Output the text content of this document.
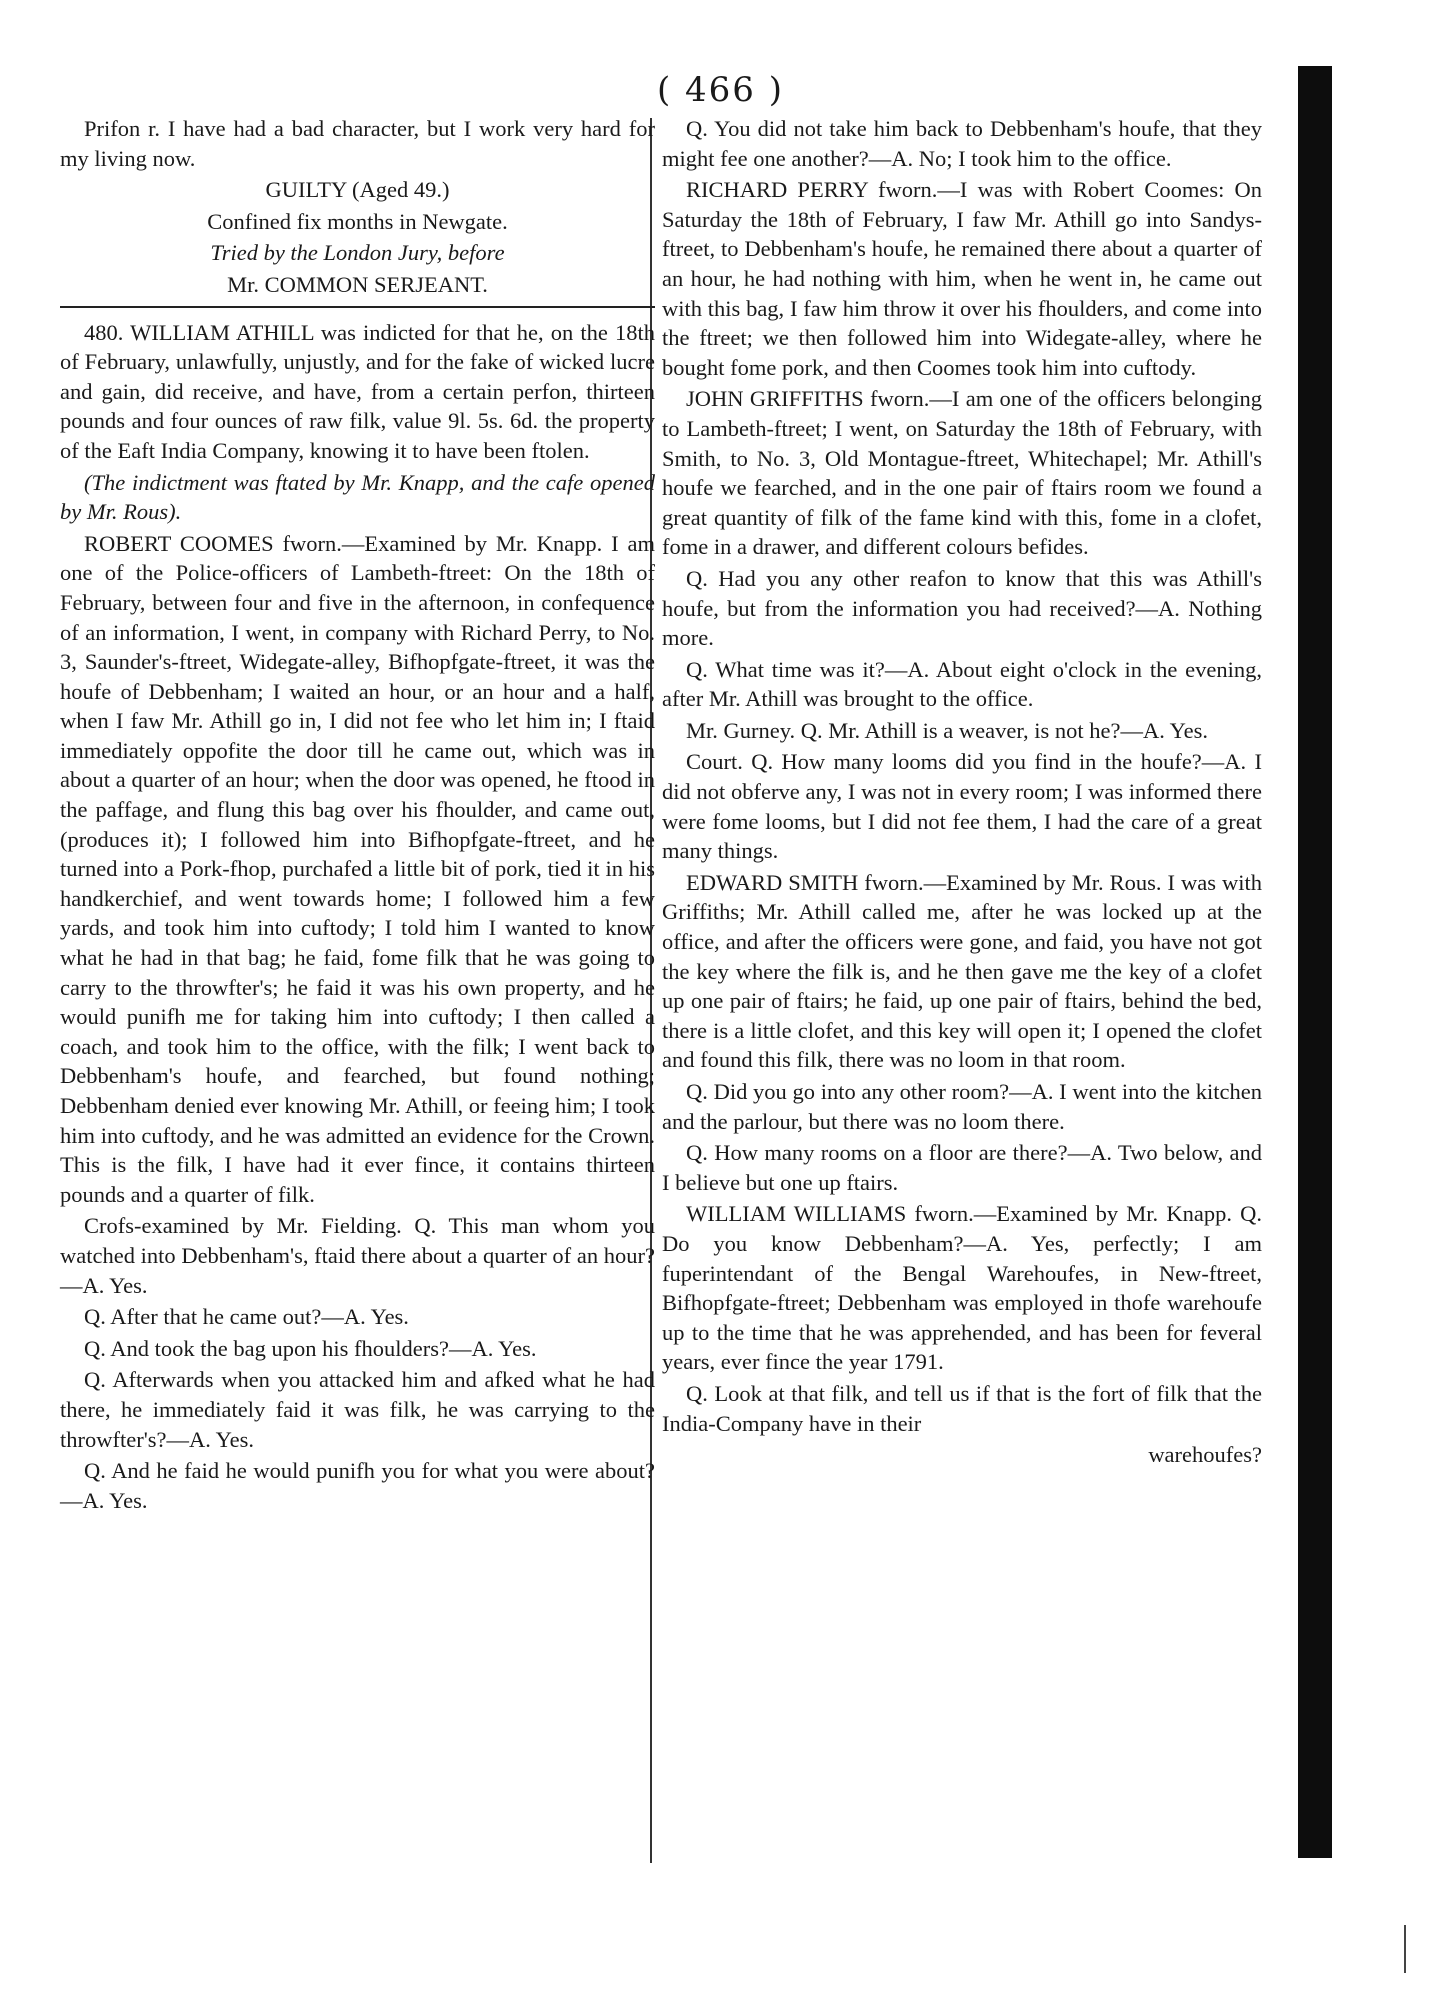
( 466 )

Prifon r. I have had a bad character, but I work very hard for my living now.

GUILTY (Aged 49.)

Confined fix months in Newgate.

Tried by the London Jury, before

Mr. COMMON SERJEANT.

480. WILLIAM ATHILL was indicted for that he, on the 18th of February, unlawfully, unjustly, and for the fake of wicked lucre and gain, did receive, and have, from a certain perfon, thirteen pounds and four ounces of raw filk, value 9l. 5s. 6d. the property of the Eaft India Company, knowing it to have been ftolen.

(The indictment was ftated by Mr. Knapp, and the cafe opened by Mr. Rous).

ROBERT COOMES fworn.—Examined by Mr. Knapp. I am one of the Police-officers of Lambeth-ftreet: On the 18th of February, between four and five in the afternoon, in confequence of an information, I went, in company with Richard Perry, to No. 3, Saunder's-ftreet, Widegate-alley, Bifhopfgate-ftreet, it was the houfe of Debbenham; I waited an hour, or an hour and a half, when I faw Mr. Athill go in, I did not fee who let him in; I ftaid immediately oppofite the door till he came out, which was in about a quarter of an hour; when the door was opened, he ftood in the paffage, and flung this bag over his fhoulder, and came out, (produces it); I followed him into Bifhopfgate-ftreet, and he turned into a Pork-fhop, purchafed a little bit of pork, tied it in his handkerchief, and went towards home; I followed him a few yards, and took him into cuftody; I told him I wanted to know what he had in that bag; he faid, fome filk that he was going to carry to the throwfter's; he faid it was his own property, and he would punifh me for taking him into cuftody; I then called a coach, and took him to the office, with the filk; I went back to Debbenham's houfe, and fearched, but found nothing; Debbenham denied ever knowing Mr. Athill, or feeing him; I took him into cuftody, and he was admitted an evidence for the Crown. This is the filk, I have had it ever fince, it contains thirteen pounds and a quarter of filk.

Crofs-examined by Mr. Fielding. Q. This man whom you watched into Debbenham's, ftaid there about a quarter of an hour?—A. Yes.

Q. After that he came out?—A. Yes.

Q. And took the bag upon his fhoulders?—A. Yes.

Q. Afterwards when you attacked him and afked what he had there, he immediately faid it was filk, he was carrying to the throwfter's?—A. Yes.

Q. And he faid he would punifh you for what you were about?—A. Yes.

Q. You did not take him back to Debbenham's houfe, that they might fee one another?—A. No; I took him to the office.

RICHARD PERRY fworn.—I was with Robert Coomes: On Saturday the 18th of February, I faw Mr. Athill go into Sandys-ftreet, to Debbenham's houfe, he remained there about a quarter of an hour, he had nothing with him, when he went in, he came out with this bag, I faw him throw it over his fhoulders, and come into the ftreet; we then followed him into Widegate-alley, where he bought fome pork, and then Coomes took him into cuftody.

JOHN GRIFFITHS fworn.—I am one of the officers belonging to Lambeth-ftreet; I went, on Saturday the 18th of February, with Smith, to No. 3, Old Montague-ftreet, Whitechapel; Mr. Athill's houfe we fearched, and in the one pair of ftairs room we found a great quantity of filk of the fame kind with this, fome in a clofet, fome in a drawer, and different colours befides.

Q. Had you any other reafon to know that this was Athill's houfe, but from the information you had received?—A. Nothing more.

Q. What time was it?—A. About eight o'clock in the evening, after Mr. Athill was brought to the office.

Mr. Gurney. Q. Mr. Athill is a weaver, is not he?—A. Yes.

Court. Q. How many looms did you find in the houfe?—A. I did not obferve any, I was not in every room; I was informed there were fome looms, but I did not fee them, I had the care of a great many things.

EDWARD SMITH fworn.—Examined by Mr. Rous. I was with Griffiths; Mr. Athill called me, after he was locked up at the office, and after the officers were gone, and faid, you have not got the key where the filk is, and he then gave me the key of a clofet up one pair of ftairs; he faid, up one pair of ftairs, behind the bed, there is a little clofet, and this key will open it; I opened the clofet and found this filk, there was no loom in that room.

Q. Did you go into any other room?—A. I went into the kitchen and the parlour, but there was no loom there.

Q. How many rooms on a floor are there?—A. Two below, and I believe but one up ftairs.

WILLIAM WILLIAMS fworn.—Examined by Mr. Knapp. Q. Do you know Debbenham?—A. Yes, perfectly; I am fuperintendant of the Bengal Warehoufes, in New-ftreet, Bifhopfgate-ftreet; Debbenham was employed in thofe warehoufe up to the time that he was apprehended, and has been for feveral years, ever fince the year 1791.

Q. Look at that filk, and tell us if that is the fort of filk that the India-Company have in their

warehoufes?
